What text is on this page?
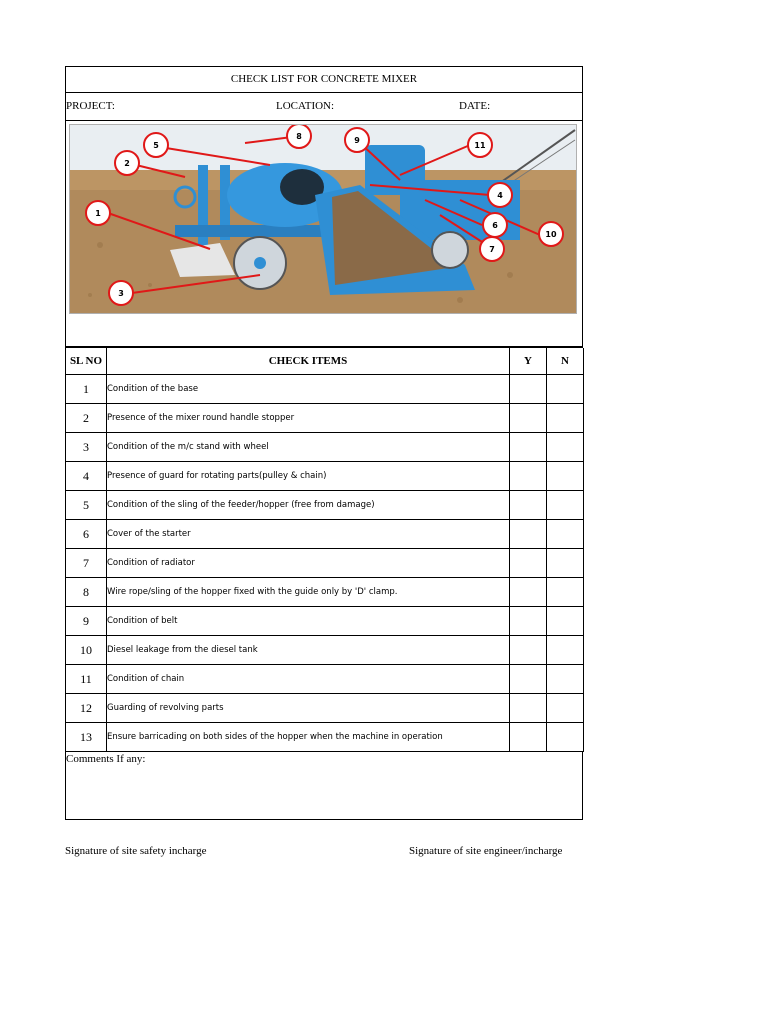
CHECK LIST FOR CONCRETE MIXER
PROJECT:	LOCATION:	DATE:
1
2
3
4
5
6
7
8	9
10
11
SL NO	CHECK ITEMS	Y	N
1	Condition of the base		
2	Presence of the mixer round handle stopper		
3	Condition of the m/c stand with wheel		
4	Presence of guard for rotating parts(pulley & chain)		
5	Condition of the sling of the feeder/hopper (free from damage)		
6	Cover of the starter		
7	Condition of radiator		
8	Wire rope/sling of the hopper fixed with the guide only by 'D' clamp.		
9	Condition of belt		
10	Diesel leakage from the diesel tank		
11	Condition of chain		
12	Guarding of revolving parts		
13	Ensure barricading on both sides of the hopper when the machine in operation		
Comments If any:
Signature of site safety incharge	Signature of site engineer/incharge
